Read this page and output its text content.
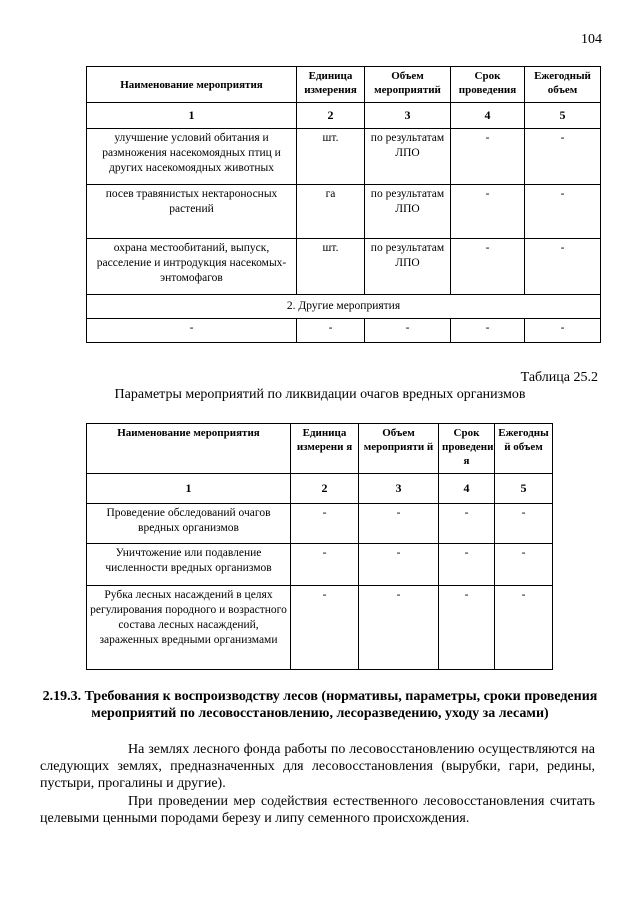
104
Наименование мероприятия	Единица измерения	Объем мероприятий	Срок проведения	Ежегодный объем
1	2	3	4	5
улучшение условий обитания и размножения насекомоядных птиц и других насекомоядных животных	шт.	по результатам ЛПО	-	-
посев травянистых нектароносных растений	га	по результатам ЛПО	-	-
охрана местообитаний, выпуск, расселение и интродукция насекомых-энтомофагов	шт.	по результатам ЛПО	-	-
2. Другие мероприятия				
-	-	-	-	-
Таблица 25.2
Параметры мероприятий по ликвидации очагов вредных организмов
Наименование мероприятия	Единица измерени я	Объем мероприяти й	Срок проведени я	Ежегодны й объем
1	2	3	4	5
Проведение обследований очагов вредных организмов	-	-	-	-
Уничтожение или подавление численности вредных организмов	-	-	-	-
Рубка лесных насаждений в целях регулирования породного и возрастного состава лесных насаждений, зараженных вредными организмами	-	-	-	-
2.19.3. Требования к воспроизводству лесов (нормативы, параметры, сроки проведения мероприятий по лесовосстановлению, лесоразведению, уходу за лесами)
На землях лесного фонда работы по лесовосстановлению осуществляются на следующих землях, предназначенных для лесовосстановления (вырубки, гари, редины, пустыри, прогалины и другие).
При проведении мер содействия естественного лесовосстановления считать целевыми ценными породами березу и липу семенного происхождения.
